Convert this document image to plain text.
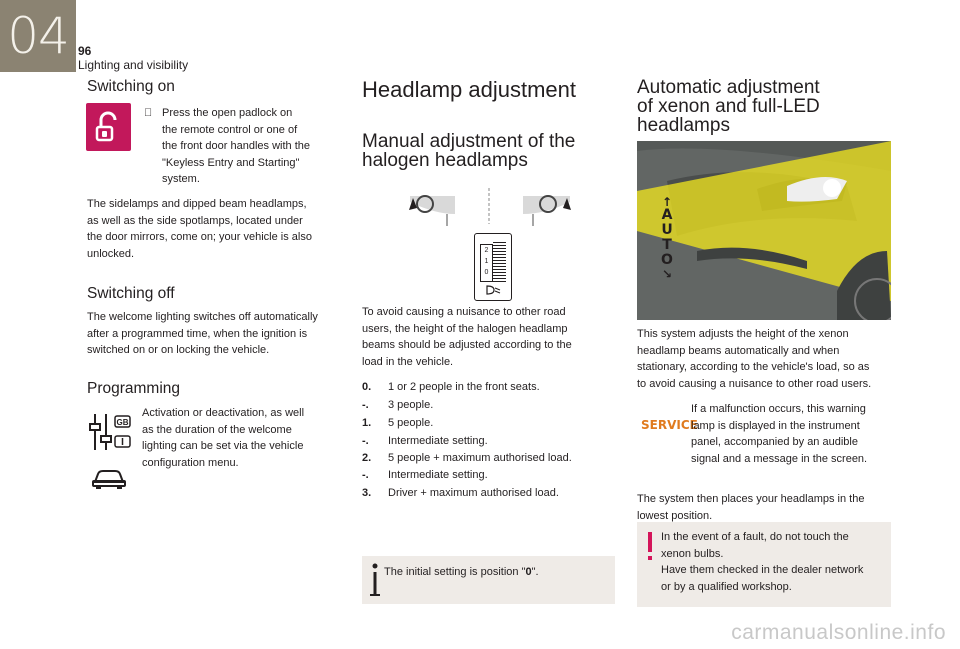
04 96
Lighting and visibility
Switching on
Press the open padlock on
the remote control or one of
the front door handles with the
"Keyless Entry and Starting"
system.
The sidelamps and dipped beam headlamps,
as well as the side spotlamps, located under
the door mirrors, come on; your vehicle is also
unlocked.
Switching off
The welcome lighting switches off automatically
after a programmed time, when the ignition is
switched on or on locking the vehicle.
Programming
GB
Activation or deactivation, as well
as the duration of the welcome
lighting can be set via the vehicle
configuration menu.
Headlamp adjustment
Manual adjustment of the
halogen headlamps
2
1
0
To avoid causing a nuisance to other road
users, the height of the halogen headlamp
beams should be adjusted according to the
load in the vehicle.
0. 1 or 2 people in the front seats.
-. 3 people.
1. 5 people.
-. Intermediate setting.
2. 5 people + maximum authorised load.
-. Intermediate setting.
3. Driver + maximum authorised load.
The initial setting is position "0".
Automatic adjustment
of xenon and full-LED
headlamps
↑
A
U
T
O
↘
This system adjusts the height of the xenon
headlamp beams automatically and when
stationary, according to the vehicle's load, so as
to avoid causing a nuisance to other road users.
SERVICE
If a malfunction occurs, this warning
lamp is displayed in the instrument
panel, accompanied by an audible
signal and a message in the screen.
The system then places your headlamps in the
lowest position.
In the event of a fault, do not touch the
xenon bulbs.
Have them checked in the dealer network
or by a qualified workshop.
carmanualsonline.info
